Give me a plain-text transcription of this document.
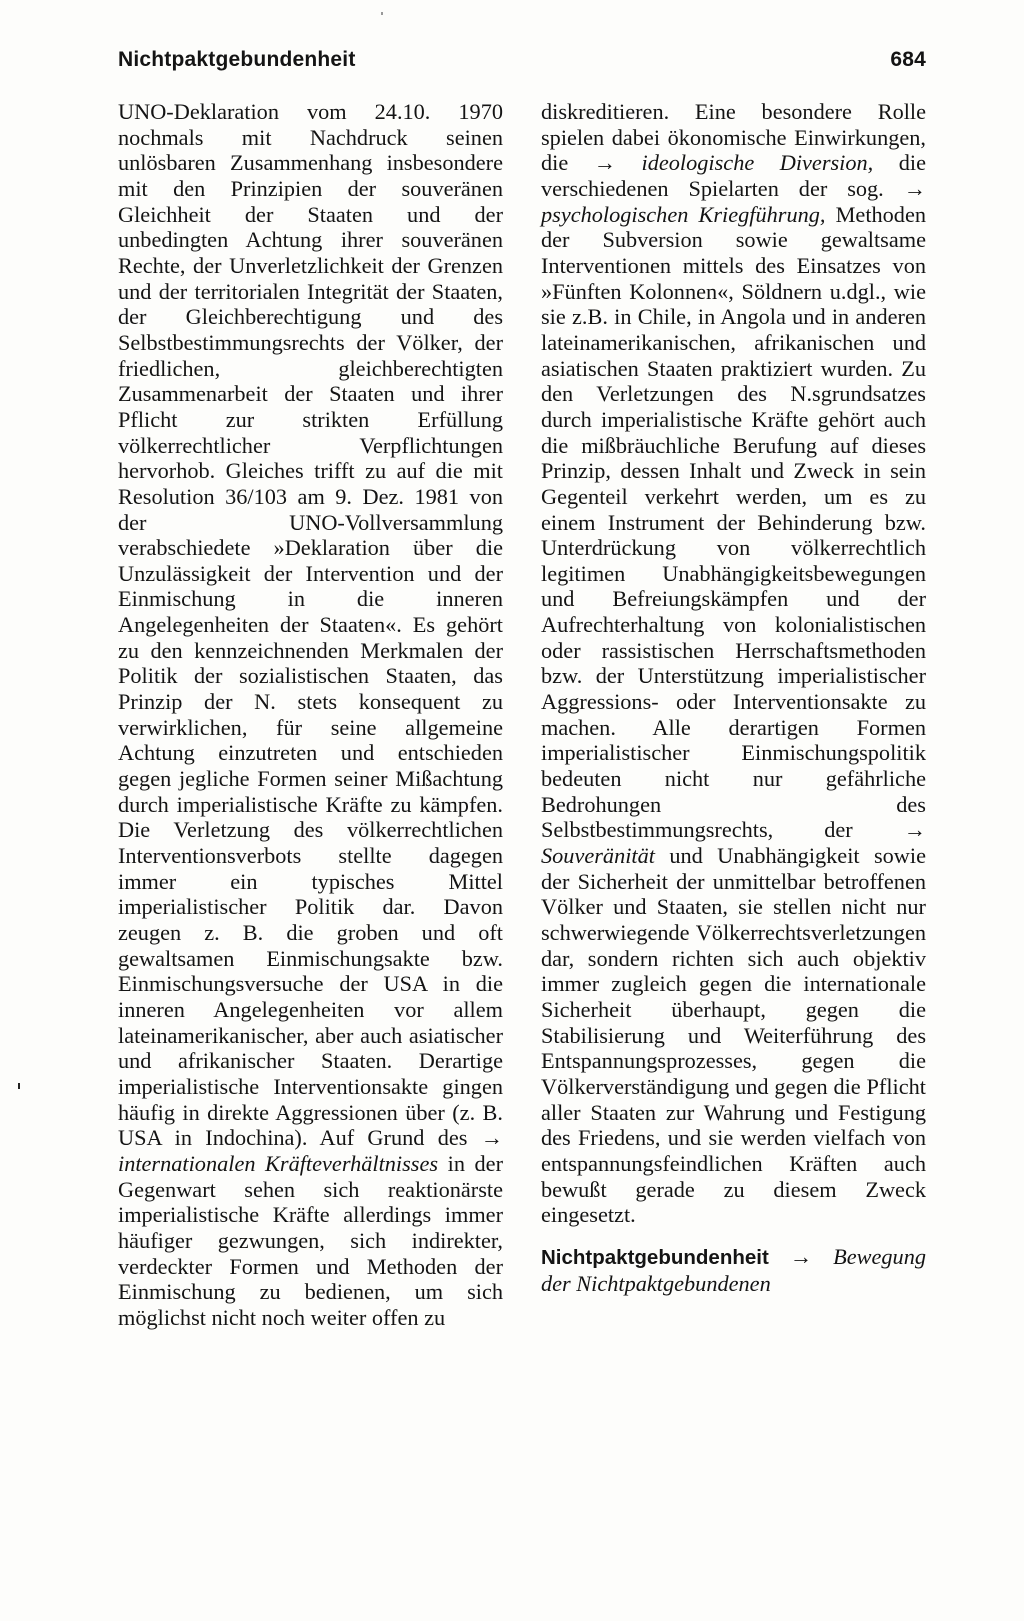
Nichtpaktgebundenheit	684

UNO-Deklaration vom 24.10. 1970 nochmals mit Nachdruck seinen unlösbaren Zusammenhang insbesondere mit den Prinzipien der souveränen Gleichheit der Staaten und der unbedingten Achtung ihrer souveränen Rechte, der Unverletzlichkeit der Grenzen und der territorialen Integrität der Staaten, der Gleichberechtigung und des Selbstbestimmungsrechts der Völker, der friedlichen, gleichberechtigten Zusammenarbeit der Staaten und ihrer Pflicht zur strikten Erfüllung völkerrechtlicher Verpflichtungen hervorhob. Gleiches trifft zu auf die mit Resolution 36/103 am 9. Dez. 1981 von der UNO-Vollversammlung verabschiedete »Deklaration über die Unzulässigkeit der Intervention und der Einmischung in die inneren Angelegenheiten der Staaten«. Es gehört zu den kennzeichnenden Merkmalen der Politik der sozialistischen Staaten, das Prinzip der N. stets konsequent zu verwirklichen, für seine allgemeine Achtung einzutreten und entschieden gegen jegliche Formen seiner Mißachtung durch imperialistische Kräfte zu kämpfen. Die Verletzung des völkerrechtlichen Interventionsverbots stellte dagegen immer ein typisches Mittel imperialistischer Politik dar. Davon zeugen z. B. die groben und oft gewaltsamen Einmischungsakte bzw. Einmischungsversuche der USA in die inneren Angelegenheiten vor allem lateinamerikanischer, aber auch asiatischer und afrikanischer Staaten. Derartige imperialistische Interventionsakte gingen häufig in direkte Aggressionen über (z. B. USA in Indochina). Auf Grund des → internationalen Kräfteverhältnisses in der Gegenwart sehen sich reaktionärste imperialistische Kräfte allerdings immer häufiger gezwungen, sich indirekter, verdeckter Formen und Methoden der Einmischung zu bedienen, um sich möglichst nicht noch weiter offen zu

diskreditieren. Eine besondere Rolle spielen dabei ökonomische Einwirkungen, die → ideologische Diversion, die verschiedenen Spielarten der sog. → psychologischen Kriegführung, Methoden der Subversion sowie gewaltsame Interventionen mittels des Einsatzes von »Fünften Kolonnen«, Söldnern u.dgl., wie sie z.B. in Chile, in Angola und in anderen lateinamerikanischen, afrikanischen und asiatischen Staaten praktiziert wurden. Zu den Verletzungen des N.sgrundsatzes durch imperialistische Kräfte gehört auch die mißbräuchliche Berufung auf dieses Prinzip, dessen Inhalt und Zweck in sein Gegenteil verkehrt werden, um es zu einem Instrument der Behinderung bzw. Unterdrückung von völkerrechtlich legitimen Unabhängigkeitsbewegungen und Befreiungskämpfen und der Aufrechterhaltung von kolonialistischen oder rassistischen Herrschaftsmethoden bzw. der Unterstützung imperialistischer Aggressions- oder Interventionsakte zu machen. Alle derartigen Formen imperialistischer Einmischungspolitik bedeuten nicht nur gefährliche Bedrohungen des Selbstbestimmungsrechts, der → Souveränität und Unabhängigkeit sowie der Sicherheit der unmittelbar betroffenen Völker und Staaten, sie stellen nicht nur schwerwiegende Völkerrechtsverletzungen dar, sondern richten sich auch objektiv immer zugleich gegen die internationale Sicherheit überhaupt, gegen die Stabilisierung und Weiterführung des Entspannungsprozesses, gegen die Völkerverständigung und gegen die Pflicht aller Staaten zur Wahrung und Festigung des Friedens, und sie werden vielfach von entspannungsfeindlichen Kräften auch bewußt gerade zu diesem Zweck eingesetzt.

Nichtpaktgebundenheit → Bewegung der Nichtpaktgebundenen
